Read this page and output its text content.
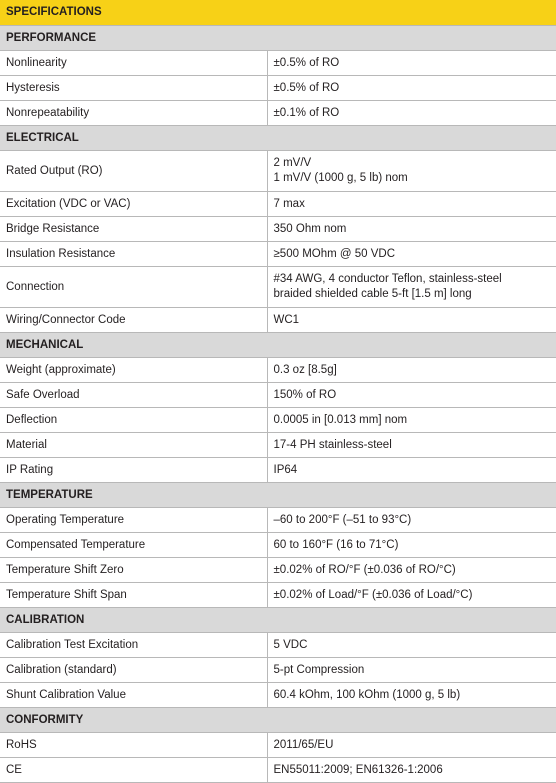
SPECIFICATIONS	
PERFORMANCE	
Nonlinearity	±0.5% of RO

Hysteresis	±0.5% of RO

Nonrepeatability	±0.1% of RO

ELECTRICAL	
Rated Output (RO)	2 mV/V
1 mV/V (1000 g, 5 lb) nom

Excitation (VDC or VAC)	7 max

Bridge Resistance	350 Ohm nom

Insulation Resistance	≥500 MOhm @ 50 VDC

Connection	#34 AWG, 4 conductor Teflon, stainless-steel
braided shielded cable 5-ft [1.5 m] long

Wiring/Connector Code	WC1

MECHANICAL	
Weight (approximate)	0.3 oz [8.5g]

Safe Overload	150% of RO

Deflection	0.0005 in [0.013 mm] nom

Material	17-4 PH stainless-steel

IP Rating	IP64

TEMPERATURE	
Operating Temperature	–60 to 200°F (–51 to 93°C)

Compensated Temperature	60 to 160°F (16 to 71°C)

Temperature Shift Zero	±0.02% of RO/°F (±0.036 of RO/°C)

Temperature Shift Span	±0.02% of Load/°F (±0.036 of Load/°C)

CALIBRATION	
Calibration Test Excitation	5 VDC

Calibration (standard)	5-pt Compression

Shunt Calibration Value	60.4 kOhm, 100 kOhm (1000 g, 5 lb)

CONFORMITY	
RoHS	2011/65/EU

CE	EN55011:2009; EN61326-1:2006
